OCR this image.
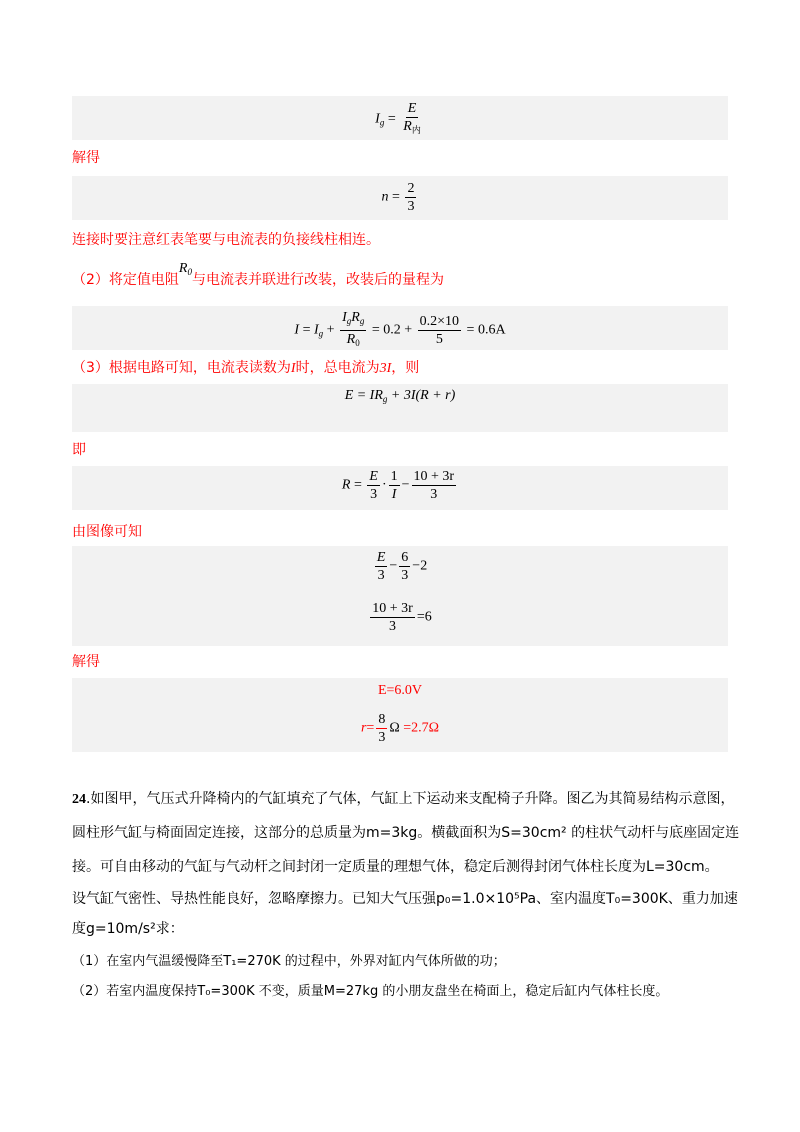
$I_g = \frac{E}{R_内}$
解得
$n = \frac{2}{3}$
连接时要注意红表笔要与电流表的负接线柱相连。
（2）将定值电阻$R_0$与电流表并联进行改装，改装后的量程为
$I = I_g + \frac{I_gR_g}{R_0} = 0.2 + \frac{0.2\times 10}{5} = 0.6A$
（3）根据电路可知，电流表读数为I时，总电流为3I，则
$E = IR_g + 3I(R + r)$
即
$R = \frac{E}{3} \cdot \frac{1}{I} - \frac{10 + 3r}{3}$
由图像可知
$\frac{E}{3} - \frac{6}{3} -2$
$\frac{10 + 3r}{3} =6$
解得
E=6.0V
$r= \frac{8}{3}$ Ω =2.7Ω
24.如图甲，气压式升降椅内的气缸填充了气体，气缸上下运动来支配椅子升降。图乙为其简易结构示意图，
圆柱形气缸与椅面固定连接，这部分的总质量为m=3kg。横截面积为S=30cm² 的柱状气动杆与底座固定连
接。可自由移动的气缸与气动杆之间封闭一定质量的理想气体，稳定后测得封闭气体柱长度为L=30cm。
设气缸气密性、导热性能良好，忽略摩擦力。已知大气压强p₀=1.0×10⁵Pa、室内温度T₀=300K、重力加速
度g=10m/s²求：
（1）在室内气温缓慢降至T₁=270K 的过程中，外界对缸内气体所做的功；
（2）若室内温度保持T₀=300K 不变，质量M=27kg 的小朋友盘坐在椅面上，稳定后缸内气体柱长度。
